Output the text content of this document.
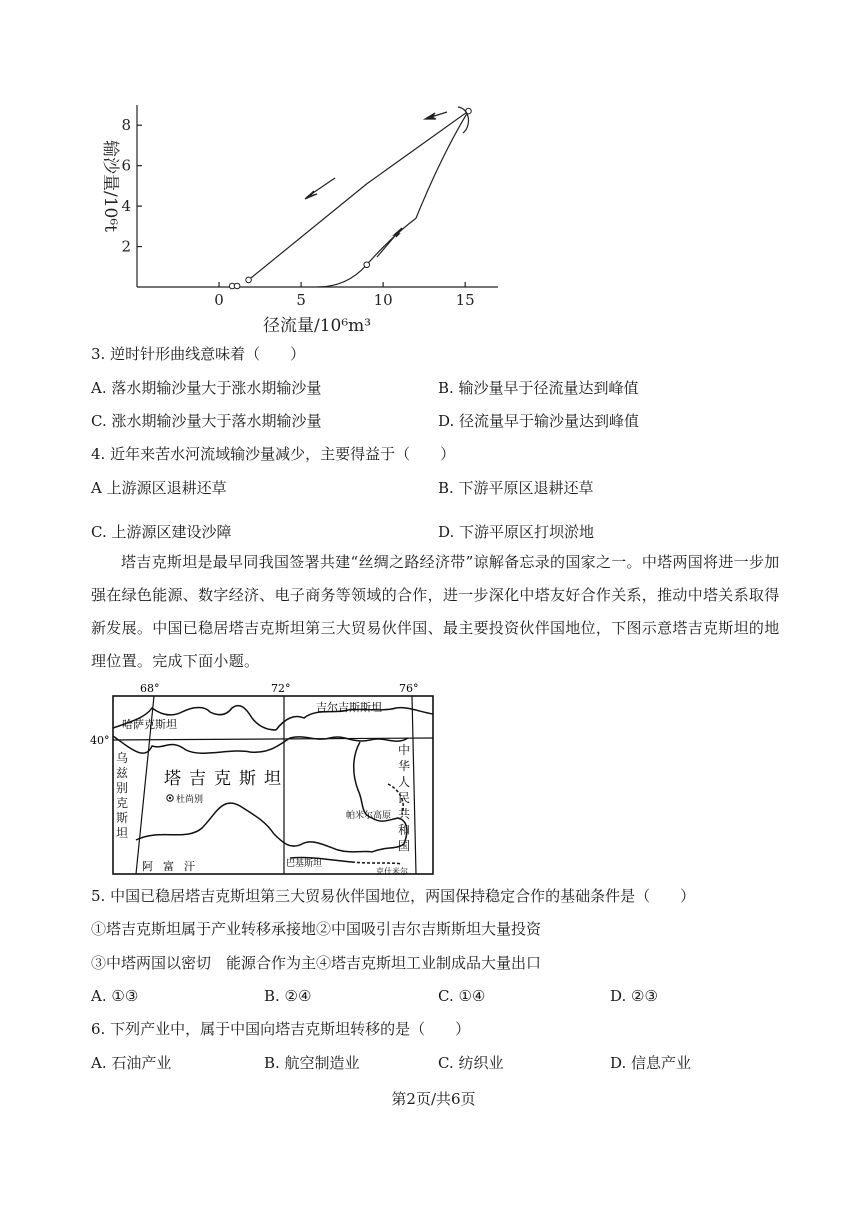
0	5	10	15
2
4
6
8
输沙量/10⁶t
径流量/10⁶m³
3. 逆时针形曲线意味着（　　）
A. 落水期输沙量大于涨水期输沙量	B. 输沙量早于径流量达到峰值
C. 涨水期输沙量大于落水期输沙量	D. 径流量早于输沙量达到峰值
4. 近年来苦水河流域输沙量减少，主要得益于（　　）
A 上游源区退耕还草	B. 下游平原区退耕还草
C. 上游源区建设沙障	D. 下游平原区打坝淤地
塔吉克斯坦是最早同我国签署共建“丝绸之路经济带”谅解备忘录的国家之一。中塔两国将进一步加强在绿色能源、数字经济、电子商务等领域的合作，进一步深化中塔友好合作关系，推动中塔关系取得新发展。中国已稳居塔吉克斯坦第三大贸易伙伴国、最主要投资伙伴国地位，下图示意塔吉克斯坦的地理位置。完成下面小题。
68°	72°	76°
40°
哈萨克斯坦
吉尔吉斯斯坦
塔吉克斯坦
杜尚别
帕米尔高原
阿富汗	巴基斯坦
克什米尔
乌
兹
别
克
斯
坦
中
华
人
民
共
和
国
5. 中国已稳居塔吉克斯坦第三大贸易伙伴国地位，两国保持稳定合作的基础条件是（　　）
①塔吉克斯坦属于产业转移承接地②中国吸引吉尔吉斯斯坦大量投资
③中塔两国以密切　能源合作为主④塔吉克斯坦工业制成品大量出口
A. ①③	B. ②④	C. ①④	D. ②③
6. 下列产业中，属于中国向塔吉克斯坦转移的是（　　）
A. 石油产业	B. 航空制造业	C. 纺织业	D. 信息产业
第2页/共6页
